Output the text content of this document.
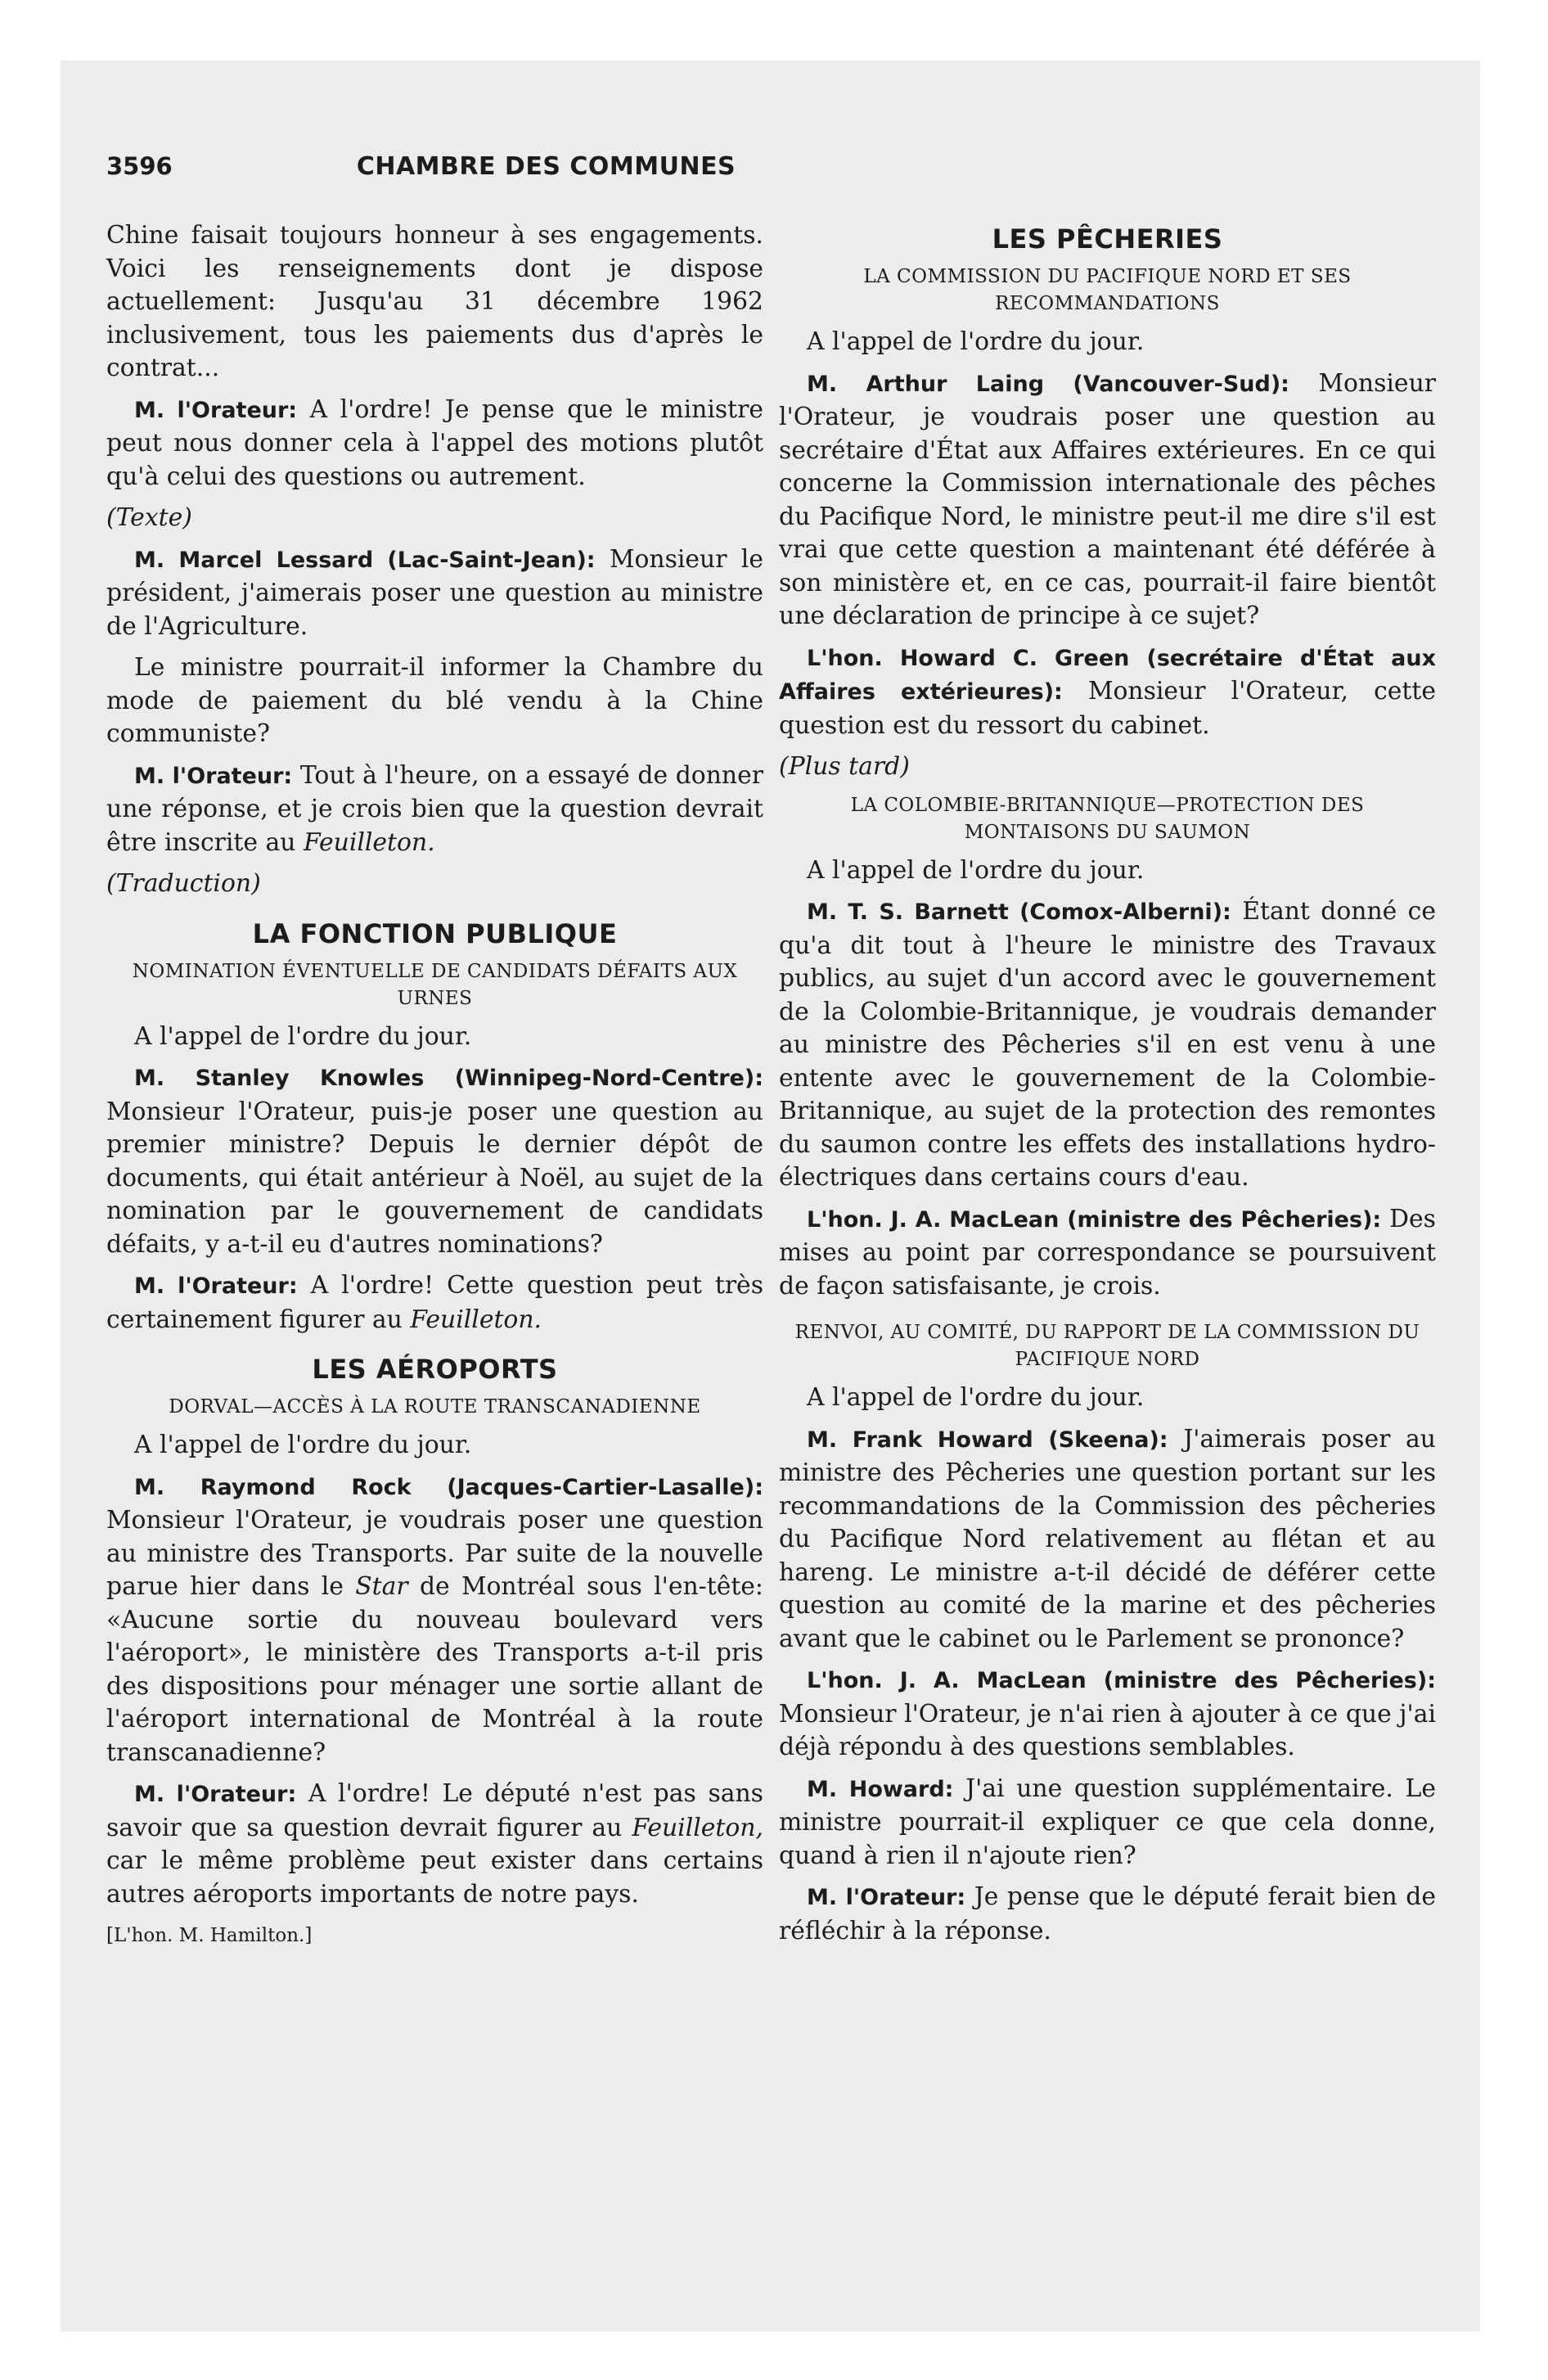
3596	CHAMBRE DES COMMUNES

Chine faisait toujours honneur à ses engagements. Voici les renseignements dont je dispose actuellement: Jusqu'au 31 décembre 1962 inclusivement, tous les paiements dus d'après le contrat...

M. l'Orateur: A l'ordre! Je pense que le ministre peut nous donner cela à l'appel des motions plutôt qu'à celui des questions ou autrement.

(Texte)

M. Marcel Lessard (Lac-Saint-Jean): Monsieur le président, j'aimerais poser une question au ministre de l'Agriculture.

Le ministre pourrait-il informer la Chambre du mode de paiement du blé vendu à la Chine communiste?

M. l'Orateur: Tout à l'heure, on a essayé de donner une réponse, et je crois bien que la question devrait être inscrite au Feuilleton.

(Traduction)

LA FONCTION PUBLIQUE
NOMINATION ÉVENTUELLE DE CANDIDATS DÉFAITS AUX URNES

A l'appel de l'ordre du jour.

M. Stanley Knowles (Winnipeg-Nord-Centre): Monsieur l'Orateur, puis-je poser une question au premier ministre? Depuis le dernier dépôt de documents, qui était antérieur à Noël, au sujet de la nomination par le gouvernement de candidats défaits, y a-t-il eu d'autres nominations?

M. l'Orateur: A l'ordre! Cette question peut très certainement figurer au Feuilleton.

LES AÉROPORTS
DORVAL—ACCÈS À LA ROUTE TRANSCANADIENNE

A l'appel de l'ordre du jour.

M. Raymond Rock (Jacques-Cartier-Lasalle): Monsieur l'Orateur, je voudrais poser une question au ministre des Transports. Par suite de la nouvelle parue hier dans le Star de Montréal sous l'en-tête: «Aucune sortie du nouveau boulevard vers l'aéroport», le ministère des Transports a-t-il pris des dispositions pour ménager une sortie allant de l'aéroport international de Montréal à la route transcanadienne?

M. l'Orateur: A l'ordre! Le député n'est pas sans savoir que sa question devrait figurer au Feuilleton, car le même problème peut exister dans certains autres aéroports importants de notre pays.

[L'hon. M. Hamilton.]
LES PÊCHERIES
LA COMMISSION DU PACIFIQUE NORD ET SES RECOMMANDATIONS

A l'appel de l'ordre du jour.

M. Arthur Laing (Vancouver-Sud): Monsieur l'Orateur, je voudrais poser une question au secrétaire d'État aux Affaires extérieures. En ce qui concerne la Commission internationale des pêches du Pacifique Nord, le ministre peut-il me dire s'il est vrai que cette question a maintenant été déférée à son ministère et, en ce cas, pourrait-il faire bientôt une déclaration de principe à ce sujet?

L'hon. Howard C. Green (secrétaire d'État aux Affaires extérieures): Monsieur l'Orateur, cette question est du ressort du cabinet.

(Plus tard)

LA COLOMBIE-BRITANNIQUE—PROTECTION DES MONTAISONS DU SAUMON

A l'appel de l'ordre du jour.

M. T. S. Barnett (Comox-Alberni): Étant donné ce qu'a dit tout à l'heure le ministre des Travaux publics, au sujet d'un accord avec le gouvernement de la Colombie-Britannique, je voudrais demander au ministre des Pêcheries s'il en est venu à une entente avec le gouvernement de la Colombie-Britannique, au sujet de la protection des remontes du saumon contre les effets des installations hydro-électriques dans certains cours d'eau.

L'hon. J. A. MacLean (ministre des Pêcheries): Des mises au point par correspondance se poursuivent de façon satisfaisante, je crois.

RENVOI, AU COMITÉ, DU RAPPORT DE LA COMMISSION DU PACIFIQUE NORD

A l'appel de l'ordre du jour.

M. Frank Howard (Skeena): J'aimerais poser au ministre des Pêcheries une question portant sur les recommandations de la Commission des pêcheries du Pacifique Nord relativement au flétan et au hareng. Le ministre a-t-il décidé de déférer cette question au comité de la marine et des pêcheries avant que le cabinet ou le Parlement se prononce?

L'hon. J. A. MacLean (ministre des Pêcheries): Monsieur l'Orateur, je n'ai rien à ajouter à ce que j'ai déjà répondu à des questions semblables.

M. Howard: J'ai une question supplémentaire. Le ministre pourrait-il expliquer ce que cela donne, quand à rien il n'ajoute rien?

M. l'Orateur: Je pense que le député ferait bien de réfléchir à la réponse.
